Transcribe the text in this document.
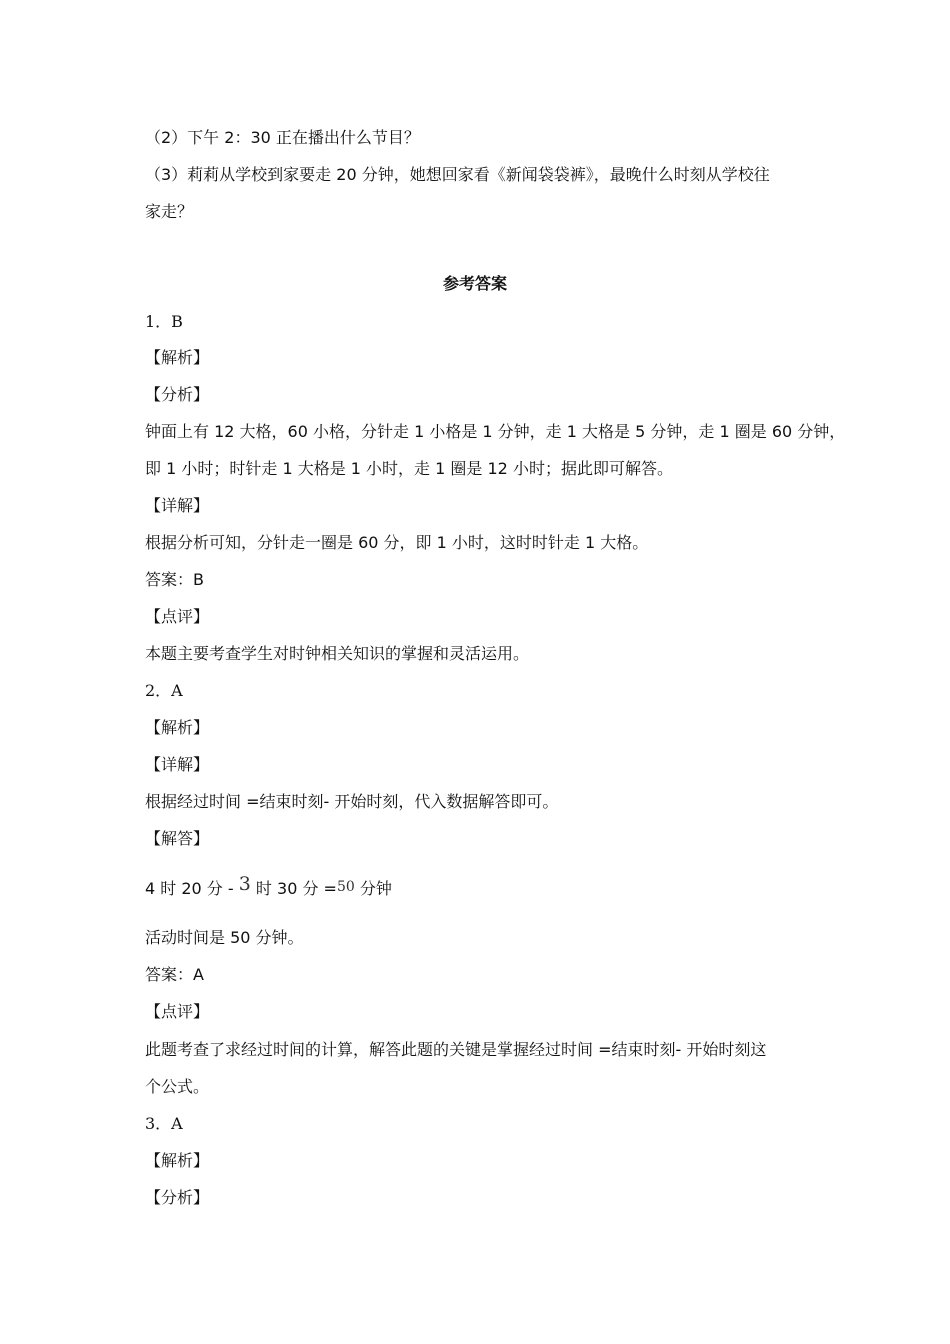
（2）下午 2：30 正在播出什么节目？
（3）莉莉从学校到家要走 20 分钟，她想回家看《新闻袋袋裤》，最晚什么时刻从学校往
家走？
参考答案
1．B
【解析】
【分析】
钟面上有 12 大格，60 小格，分针走 1 小格是 1 分钟，走 1 大格是 5 分钟，走 1 圈是 60 分钟，
即 1 小时；时针走 1 大格是 1 小时，走 1 圈是 12 小时；据此即可解答。
【详解】
根据分析可知，分针走一圈是 60 分，即 1 小时，这时时针走 1 大格。
答案：B
【点评】
本题主要考查学生对时钟相关知识的掌握和灵活运用。
2．A
【解析】
【详解】
根据经过时间 =结束时刻- 开始时刻，代入数据解答即可。
【解答】
4 时 20 分 - 3 时 30 分 =50 分钟
活动时间是 50 分钟。
答案：A
【点评】
此题考查了求经过时间的计算，解答此题的关键是掌握经过时间 =结束时刻- 开始时刻这
个公式。
3．A
【解析】
【分析】
